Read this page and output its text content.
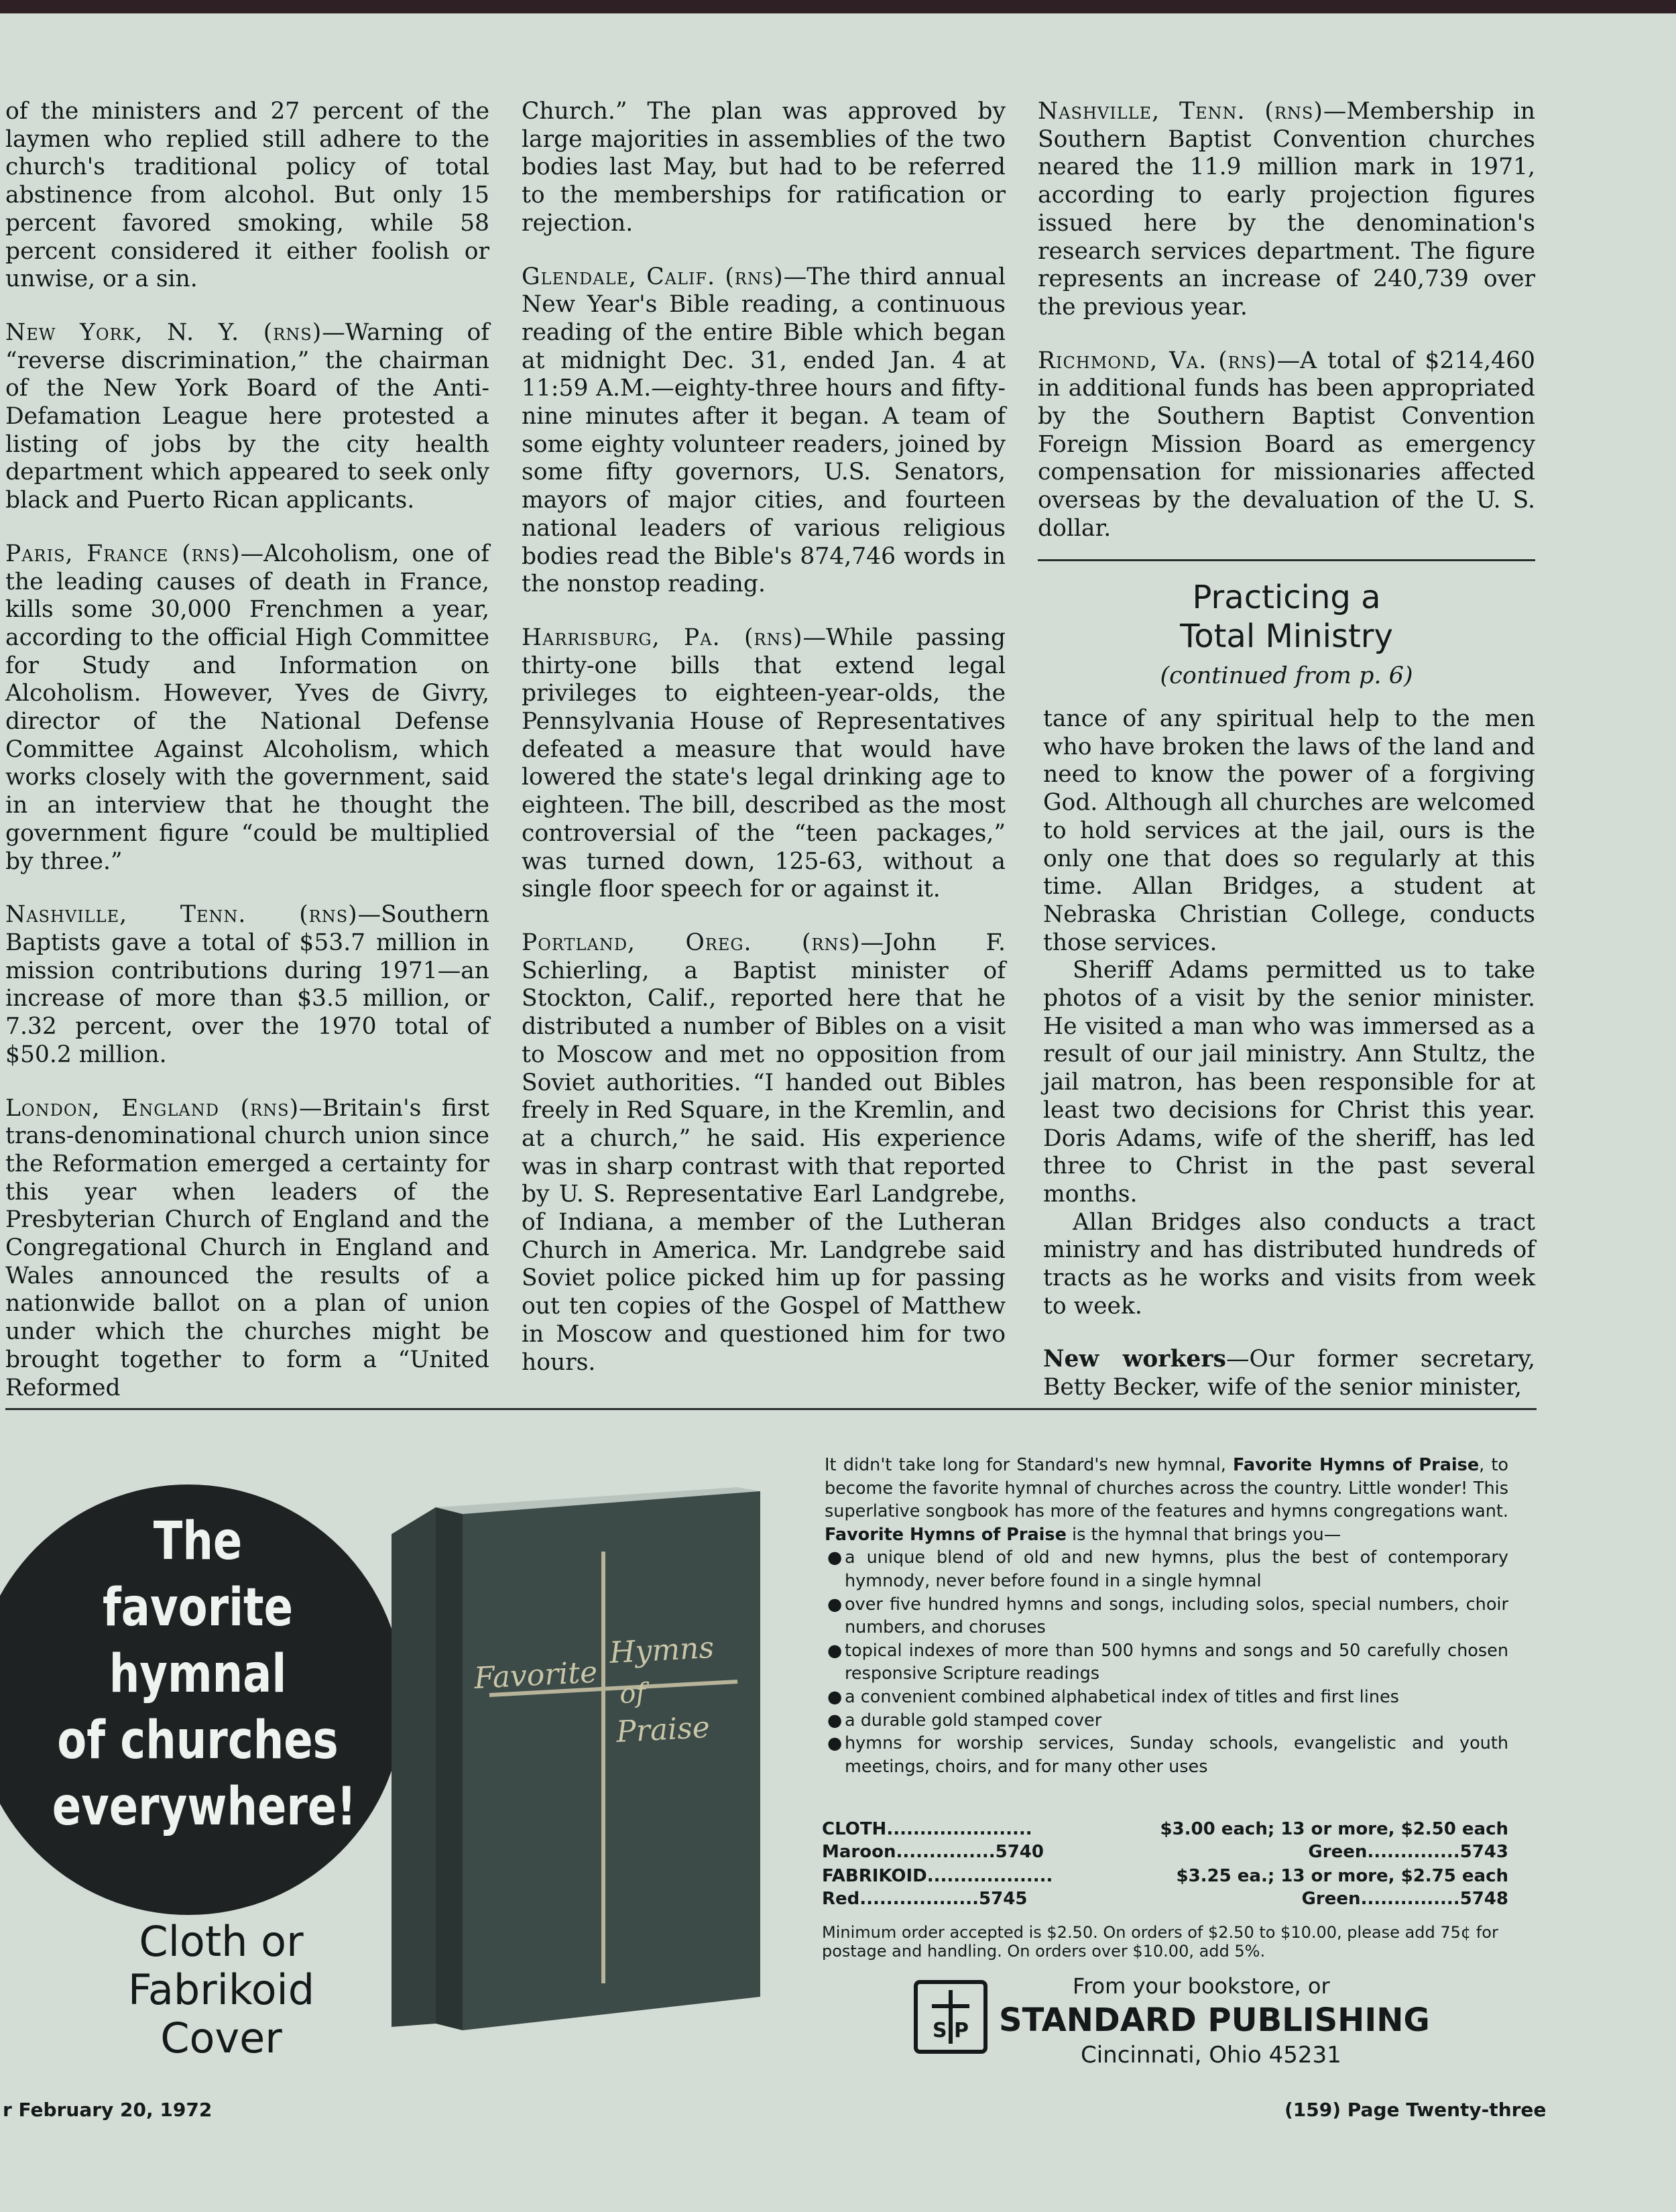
of the ministers and 27 percent of the laymen who replied still adhere to the church's traditional policy of total abstinence from alcohol. But only 15 percent favored smoking, while 58 percent considered it either foolish or unwise, or a sin.

New York, N. Y. (rns)—Warning of “reverse discrimination,” the chairman of the New York Board of the Anti-Defamation League here protested a listing of jobs by the city health department which appeared to seek only black and Puerto Rican applicants.

Paris, France (rns)—Alcoholism, one of the leading causes of death in France, kills some 30,000 Frenchmen a year, according to the official High Committee for Study and Information on Alcoholism. However, Yves de Givry, director of the National Defense Committee Against Alcoholism, which works closely with the government, said in an interview that he thought the government figure “could be multiplied by three.”

Nashville, Tenn. (rns)—Southern Baptists gave a total of $53.7 million in mission contributions during 1971—an increase of more than $3.5 million, or 7.32 percent, over the 1970 total of $50.2 million.

London, England (rns)—Britain's first trans-denominational church union since the Reformation emerged a certainty for this year when leaders of the Presbyterian Church of England and the Congregational Church in England and Wales announced the results of a nationwide ballot on a plan of union under which the churches might be brought together to form a “United Reformed

Church.” The plan was approved by large majorities in assemblies of the two bodies last May, but had to be referred to the memberships for ratification or rejection.

Glendale, Calif. (rns)—The third annual New Year's Bible reading, a continuous reading of the entire Bible which began at midnight Dec. 31, ended Jan. 4 at 11:59 A.M.—eighty-three hours and fifty-nine minutes after it began. A team of some eighty volunteer readers, joined by some fifty governors, U.S. Senators, mayors of major cities, and fourteen national leaders of various religious bodies read the Bible's 874,746 words in the nonstop reading.

Harrisburg, Pa. (rns)—While passing thirty-one bills that extend legal privileges to eighteen-year-olds, the Pennsylvania House of Representatives defeated a measure that would have lowered the state's legal drinking age to eighteen. The bill, described as the most controversial of the “teen packages,” was turned down, 125-63, without a single floor speech for or against it.

Portland, Oreg. (rns)—John F. Schierling, a Baptist minister of Stockton, Calif., reported here that he distributed a number of Bibles on a visit to Moscow and met no opposition from Soviet authorities. “I handed out Bibles freely in Red Square, in the Kremlin, and at a church,” he said. His experience was in sharp contrast with that reported by U. S. Representative Earl Landgrebe, of Indiana, a member of the Lutheran Church in America. Mr. Landgrebe said Soviet police picked him up for passing out ten copies of the Gospel of Matthew in Moscow and questioned him for two hours.

Nashville, Tenn. (rns)—Membership in Southern Baptist Convention churches neared the 11.9 million mark in 1971, according to early projection figures issued here by the denomination's research services department. The figure represents an increase of 240,739 over the previous year.

Richmond, Va. (rns)—A total of $214,460 in additional funds has been appropriated by the Southern Baptist Convention Foreign Mission Board as emergency compensation for missionaries affected overseas by the devaluation of the U. S. dollar.

Practicing a
Total Ministry
(continued from p. 6)

tance of any spiritual help to the men who have broken the laws of the land and need to know the power of a forgiving God. Although all churches are welcomed to hold services at the jail, ours is the only one that does so regularly at this time. Allan Bridges, a student at Nebraska Christian College, conducts those services.

Sheriff Adams permitted us to take photos of a visit by the senior minister. He visited a man who was immersed as a result of our jail ministry. Ann Stultz, the jail matron, has been responsible for at least two decisions for Christ this year. Doris Adams, wife of the sheriff, has led three to Christ in the past several months.

Allan Bridges also conducts a tract ministry and has distributed hundreds of tracts as he works and visits from week to week.

New workers—Our former secretary, Betty Becker, wife of the senior minister,

The
favorite
hymnal
of churches
everywhere!
Cloth or
Fabrikoid
Cover
Favorite
Hymns
of
Praise
It didn't take long for Standard's new hymnal, Favorite Hymns of Praise, to become the favorite hymnal of churches across the country. Little wonder! This superlative songbook has more of the features and hymns congregations want. Favorite Hymns of Praise is the hymnal that brings you—
● a unique blend of old and new hymns, plus the best of contemporary hymnody, never before found in a single hymnal
● over five hundred hymns and songs, including solos, special numbers, choir numbers, and choruses
● topical indexes of more than 500 hymns and songs and 50 carefully chosen responsive Scripture readings
● a convenient combined alphabetical index of titles and first lines
● a durable gold stamped cover
● hymns for worship services, Sunday schools, evangelistic and youth meetings, choirs, and for many other uses
CLOTH......................	$3.00 each; 13 or more, $2.50 each
Maroon...............5740	Green..............5743
FABRIKOID...................	$3.25 ea.; 13 or more, $2.75 each
Red..................5745	Green...............5748
Minimum order accepted is $2.50. On orders of $2.50 to $10.00, please add 75¢ for postage and handling. On orders over $10.00, add 5%.
From your bookstore, or
S P STANDARD PUBLISHING
Cincinnati, Ohio 45231
r February 20, 1972	(159) Page Twenty-three
